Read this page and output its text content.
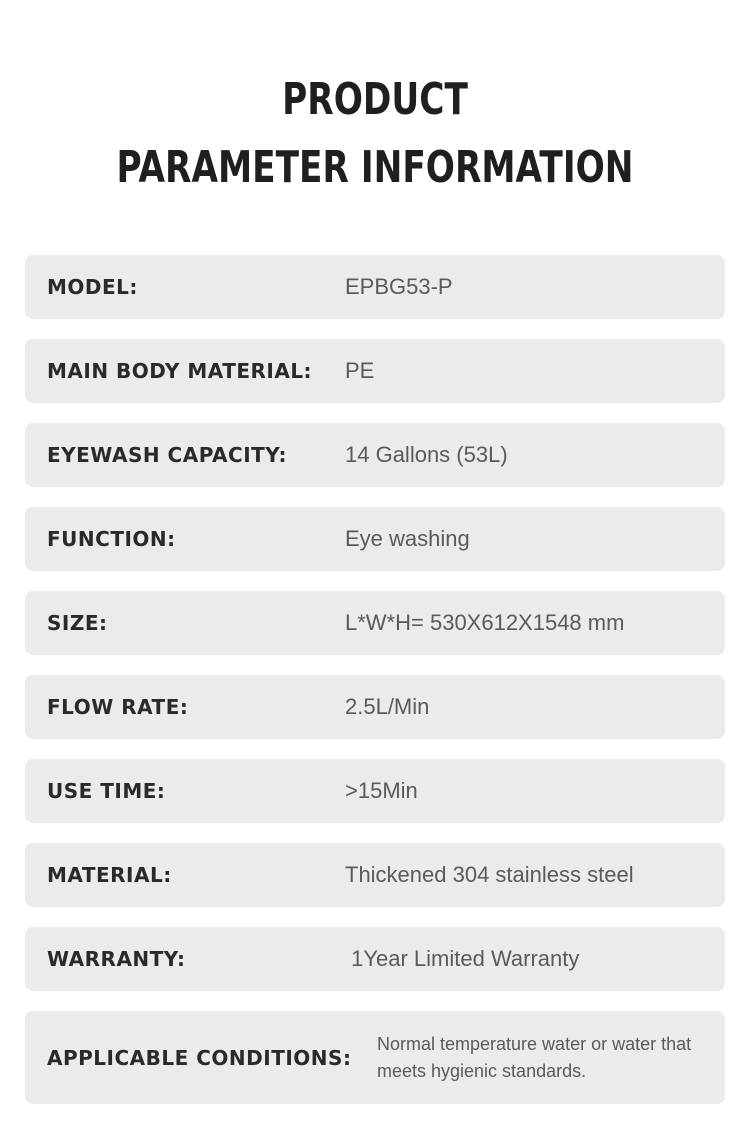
PRODUCT
PARAMETER INFORMATION
MODEL:	EPBG53-P
MAIN BODY MATERIAL: PE
EYEWASH CAPACITY:	14 Gallons (53L)
FUNCTION:	Eye washing
SIZE:	L*W*H= 530X612X1548 mm
FLOW RATE:	2.5L/Min
USE TIME:	>15Min
MATERIAL:	Thickened 304 stainless steel
WARRANTY:	1Year Limited Warranty
APPLICABLE CONDITIONS:
Normal temperature water or water that meets hygienic standards.
